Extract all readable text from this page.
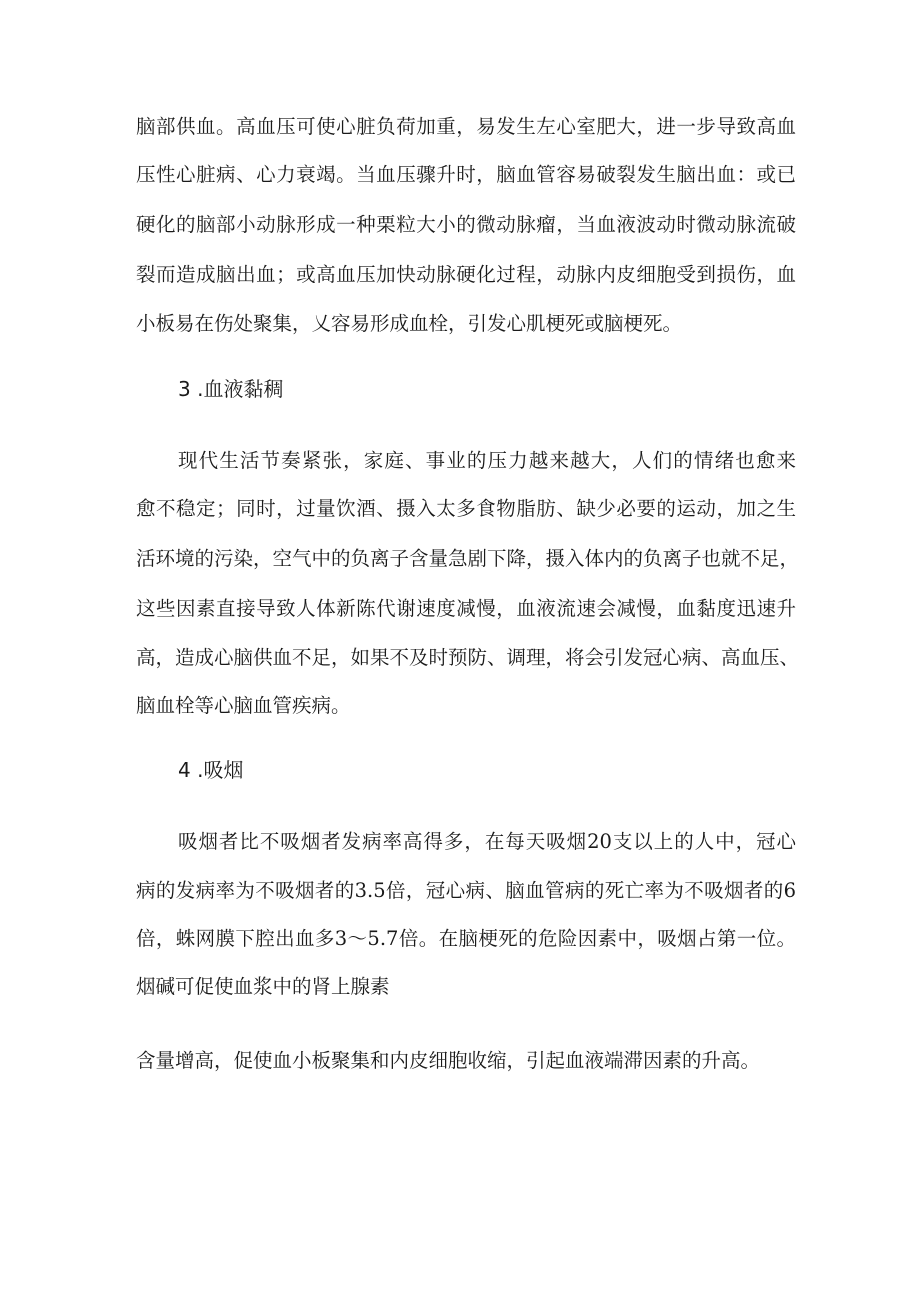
脑部供血。高血压可使心脏负荷加重，易发生左心室肥大，进一步导致高血
压性心脏病、心力衰竭。当血压骤升时，脑血管容易破裂发生脑出血：或已
硬化的脑部小动脉形成一种栗粒大小的微动脉瘤，当血液波动时微动脉流破
裂而造成脑出血；或高血压加快动脉硬化过程，动脉内皮细胞受到损伤，血
小板易在伤处聚集，乂容易形成血栓，引发心肌梗死或脑梗死。
3 .血液黏稠
现代生活节奏紧张，家庭、事业的压力越来越大，人们的情绪也愈来
愈不稳定；同时，过量饮酒、摄入太多食物脂肪、缺少必要的运动，加之生
活环境的污染，空气中的负离子含量急剧下降，摄入体内的负离子也就不足，
这些因素直接导致人体新陈代谢速度减慢，血液流速会减慢，血黏度迅速升
高，造成心脑供血不足，如果不及时预防、调理，将会引发冠心病、高血压、
脑血栓等心脑血管疾病。
4 .吸烟
吸烟者比不吸烟者发病率高得多，在每天吸烟20支以上的人中，冠心
病的发病率为不吸烟者的3.5倍，冠心病、脑血管病的死亡率为不吸烟者的6
倍，蛛网膜下腔出血多3～5.7倍。在脑梗死的危险因素中，吸烟占第一位。
烟碱可促使血浆中的肾上腺素
含量增高，促使血小板聚集和内皮细胞收缩，引起血液端滞因素的升高。
